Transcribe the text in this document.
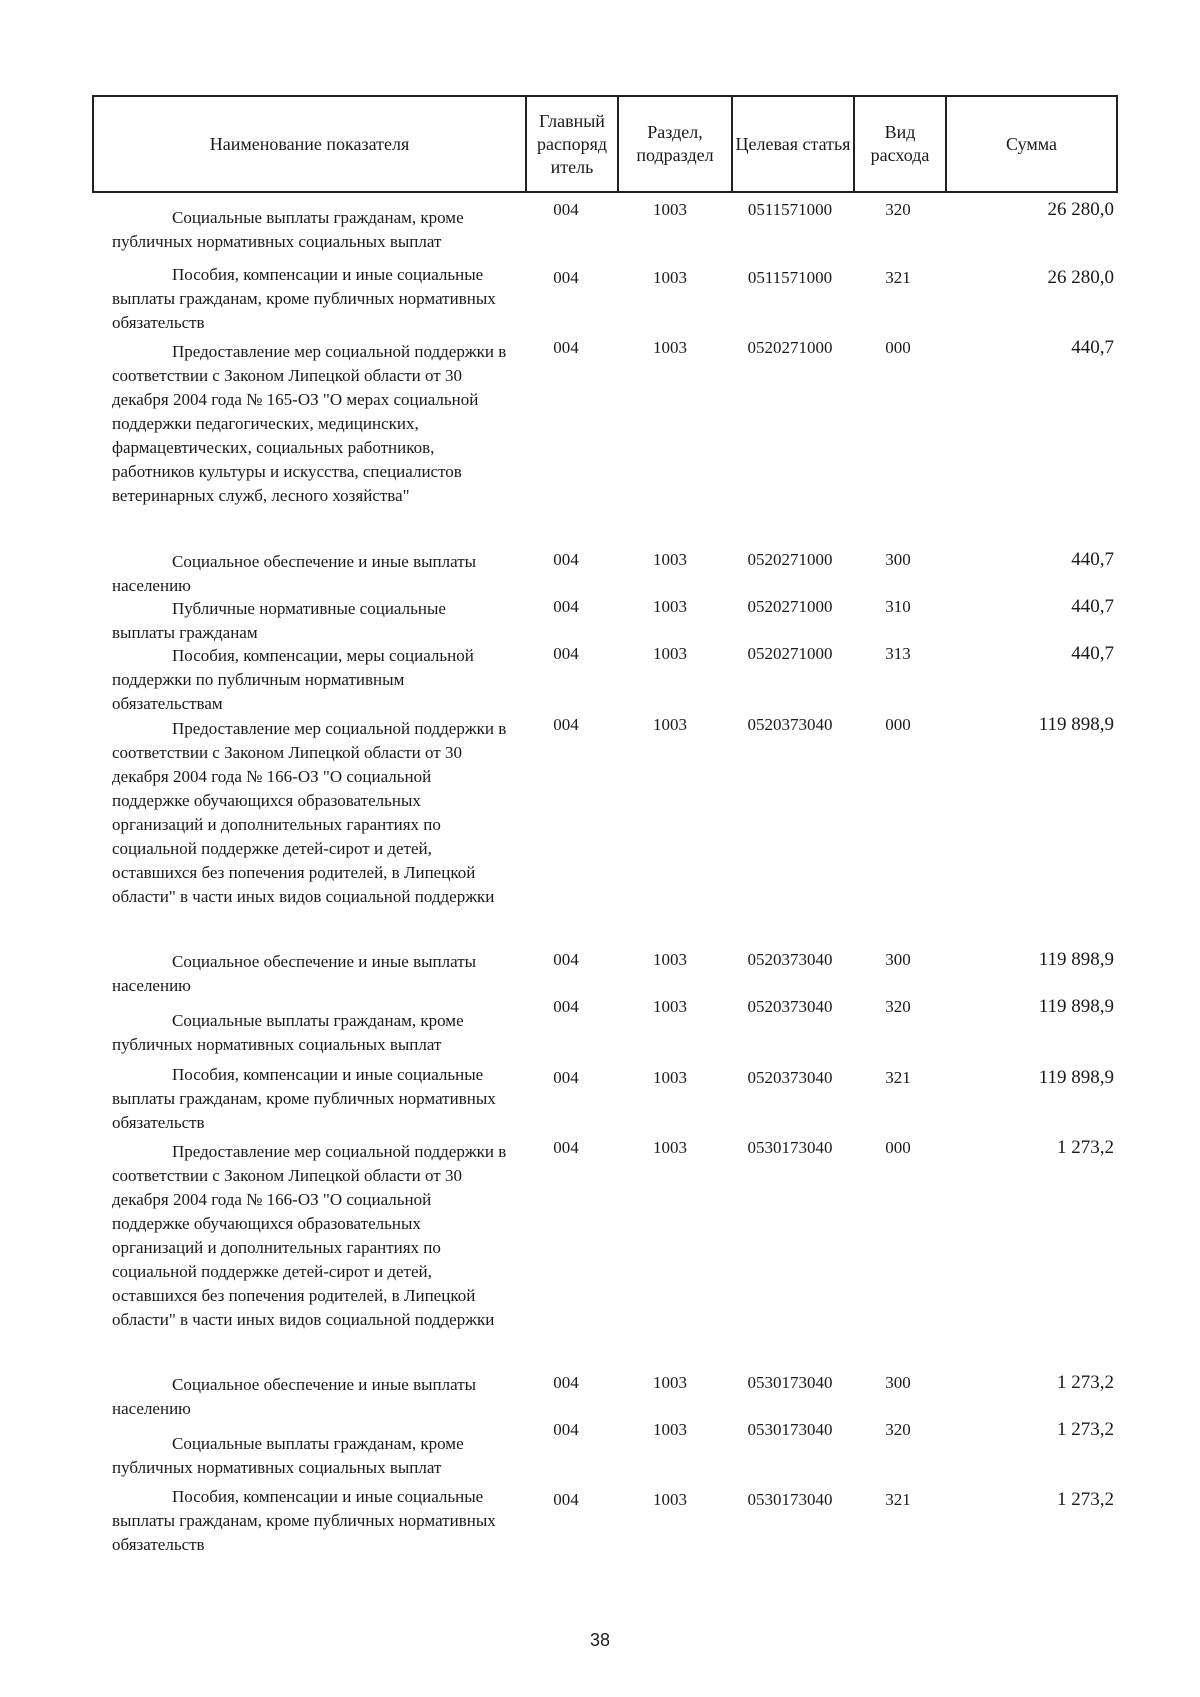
Наименование показателя	Главный распоряд итель	Раздел, подраздел	Целевая статья	Вид расхода	Сумма
Социальные выплаты гражданам, кроме публичных нормативных социальных выплат
004	1003	0511571000	320	26 280,0
Пособия, компенсации и иные социальные выплаты гражданам, кроме публичных нормативных обязательств
004	1003	0511571000	321	26 280,0
Предоставление мер социальной поддержки в соответствии с Законом Липецкой области от 30 декабря 2004 года № 165-ОЗ "О мерах социальной поддержки педагогических, медицинских, фармацевтических, социальных работников, работников культуры и искусства, специалистов ветеринарных служб, лесного хозяйства"
004	1003	0520271000	000	440,7
Социальное обеспечение и иные выплаты населению
004	1003	0520271000	300	440,7
Публичные нормативные социальные выплаты гражданам
004	1003	0520271000	310	440,7
Пособия, компенсации, меры социальной поддержки по публичным нормативным обязательствам
004	1003	0520271000	313	440,7
Предоставление мер социальной поддержки в соответствии с Законом Липецкой области от 30 декабря 2004 года № 166-ОЗ "О социальной поддержке обучающихся образовательных организаций и дополнительных гарантиях по социальной поддержке детей-сирот и детей, оставшихся без попечения родителей, в Липецкой области" в части иных видов социальной поддержки
004	1003	0520373040	000	119 898,9
Социальное обеспечение и иные выплаты населению
004	1003	0520373040	300	119 898,9
Социальные выплаты гражданам, кроме публичных нормативных социальных выплат
004	1003	0520373040	320	119 898,9
Пособия, компенсации и иные социальные выплаты гражданам, кроме публичных нормативных обязательств
004	1003	0520373040	321	119 898,9
Предоставление мер социальной поддержки в соответствии с Законом Липецкой области от 30 декабря 2004 года № 166-ОЗ "О социальной поддержке обучающихся образовательных организаций и дополнительных гарантиях по социальной поддержке детей-сирот и детей, оставшихся без попечения родителей, в Липецкой области" в части иных видов социальной поддержки
004	1003	0530173040	000	1 273,2
Социальное обеспечение и иные выплаты населению
004	1003	0530173040	300	1 273,2
Социальные выплаты гражданам, кроме публичных нормативных социальных выплат
004	1003	0530173040	320	1 273,2
Пособия, компенсации и иные социальные выплаты гражданам, кроме публичных нормативных обязательств
004	1003	0530173040	321	1 273,2
38
